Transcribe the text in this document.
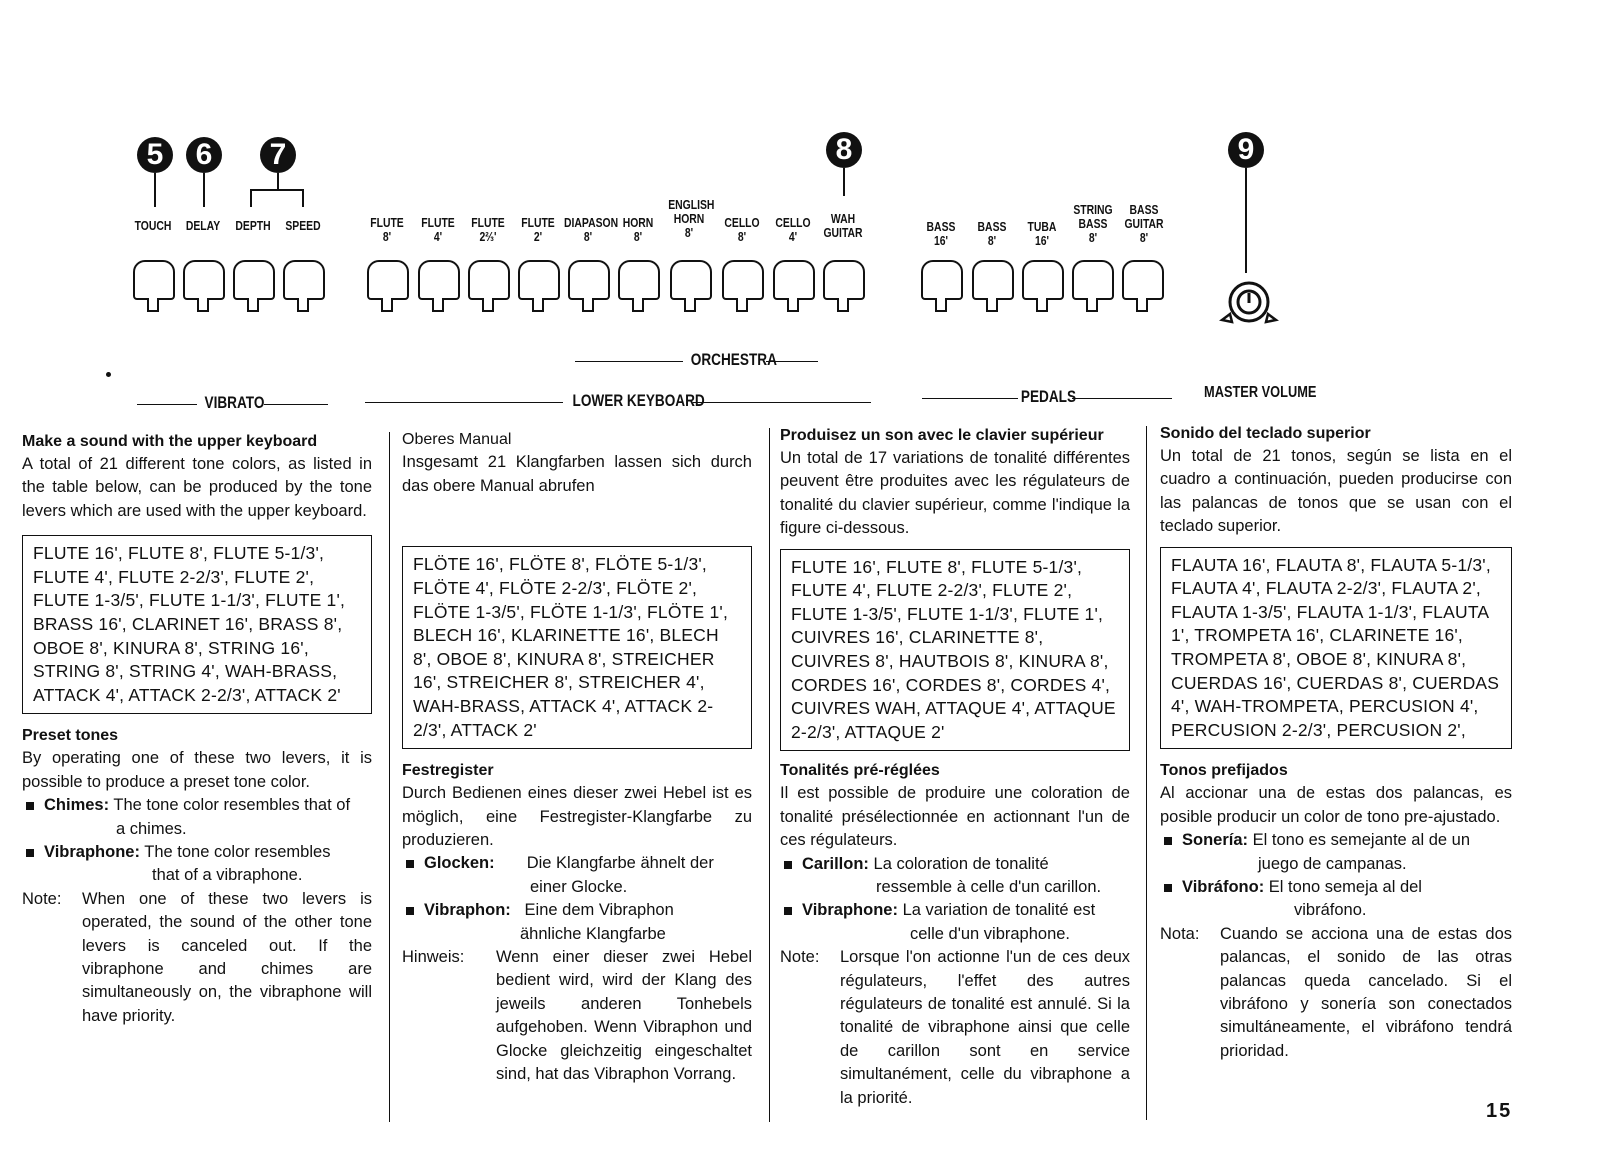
5	6	7	8	9
TOUCH DELAY DEPTH SPEED	FLUTE
8'
FLUTE
4'
FLUTE
2⅔'
FLUTE
2'
DIAPASON
8'
HORN
8'
ENGLISH HORN
8'
CELLO
8'
CELLO
4'
WAH GUITAR	BASS
16'
BASS
8'
TUBA
16'
STRING BASS
8'
BASS GUITAR
8'
ORCHESTRA
VIBRATO	LOWER KEYBOARD	PEDALS	MASTER VOLUME
Make a sound with the upper keyboard

A total of 21 different tone colors, as listed in the table below, can be produced by the tone levers which are used with the upper keyboard.

FLUTE 16', FLUTE 8', FLUTE 5-1/3', FLUTE 4', FLUTE 2-2/3', FLUTE 2', FLUTE 1-3/5', FLUTE 1-1/3', FLUTE 1', BRASS 16', CLARINET 16', BRASS 8', OBOE 8', KINURA 8', STRING 16', STRING 8', STRING 4', WAH-BRASS, ATTACK 4', ATTACK 2-2/3', ATTACK 2'

Preset tones

By operating one of these two levers, it is possible to produce a preset tone color.

Chimes: The tone color resembles that of
a chimes.
Vibraphone: The tone color resembles
that of a vibraphone.
Note:	When one of these two levers is operated, the sound of the other tone levers is canceled out. If the vibraphone and chimes are simultaneously on, the vibraphone will have priority.

Oberes Manual

Insgesamt 21 Klangfarben lassen sich durch das obere Manual abrufen

FLÖTE 16', FLÖTE 8', FLÖTE 5-1/3', FLÖTE 4', FLÖTE 2-2/3', FLÖTE 2', FLÖTE 1-3/5', FLÖTE 1-1/3', FLÖTE 1', BLECH 16', KLARINETTE 16', BLECH 8', OBOE 8', KINURA 8', STREICHER 16', STREICHER 8', STREICHER 4', WAH-BRASS, ATTACK 4', ATTACK 2-2/3', ATTACK 2'

Festregister

Durch Bedienen eines dieser zwei Hebel ist es möglich, eine Festregister-Klangfarbe zu produzieren.

Glocken: Die Klangfarbe ähnelt der
einer Glocke.
Vibraphon: Eine dem Vibraphon
ähnliche Klangfarbe
Hinweis:	Wenn einer dieser zwei Hebel bedient wird, wird der Klang des jeweils anderen Tonhebels aufgehoben. Wenn Vibraphon und Glocke gleichzeitig eingeschaltet sind, hat das Vibraphon Vorrang.
Produisez un son avec le clavier supérieur

Un total de 17 variations de tonalité différentes peuvent être produites avec les régulateurs de tonalité du clavier supérieur, comme l'indique la figure ci-dessous.

FLUTE 16', FLUTE 8', FLUTE 5-1/3', FLUTE 4', FLUTE 2-2/3', FLUTE 2', FLUTE 1-3/5', FLUTE 1-1/3', FLUTE 1', CUIVRES 16', CLARINETTE 8', CUIVRES 8', HAUTBOIS 8', KINURA 8', CORDES 16', CORDES 8', CORDES 4', CUIVRES WAH, ATTAQUE 4', ATTAQUE 2-2/3', ATTAQUE 2'

Tonalités pré-réglées

Il est possible de produire une coloration de tonalité présélectionnée en actionnant l'un de ces régulateurs.

Carillon: La coloration de tonalité
ressemble à celle d'un carillon.
Vibraphone: La variation de tonalité est
celle d'un vibraphone.
Note:	Lorsque l'on actionne l'un de ces deux régulateurs, l'effet des autres régulateurs de tonalité est annulé. Si la tonalité de vibraphone ainsi que celle de carillon sont en service simultanément, celle du vibraphone a la priorité.
Sonido del teclado superior

Un total de 21 tonos, según se lista en el cuadro a continuación, pueden producirse con las palancas de tonos que se usan con el teclado superior.

FLAUTA 16', FLAUTA 8', FLAUTA 5-1/3', FLAUTA 4', FLAUTA 2-2/3', FLAUTA 2', FLAUTA 1-3/5', FLAUTA 1-1/3', FLAUTA 1', TROMPETA 16', CLARINETE 16', TROMPETA 8', OBOE 8', KINURA 8', CUERDAS 16', CUERDAS 8', CUERDAS 4', WAH-TROMPETA, PERCUSION 4', PERCUSION 2-2/3', PERCUSION 2',

Tonos prefijados

Al accionar una de estas dos palancas, es posible producir un color de tono pre-ajustado.

Sonería: El tono es semejante al de un
juego de campanas.
Vibráfono: El tono semeja al del
vibráfono.
Nota:	Cuando se acciona una de estas dos palancas, el sonido de las otras palancas queda cancelado. Si el vibráfono y sonería son conectados simultáneamente, el vibráfono tendrá prioridad.
15
